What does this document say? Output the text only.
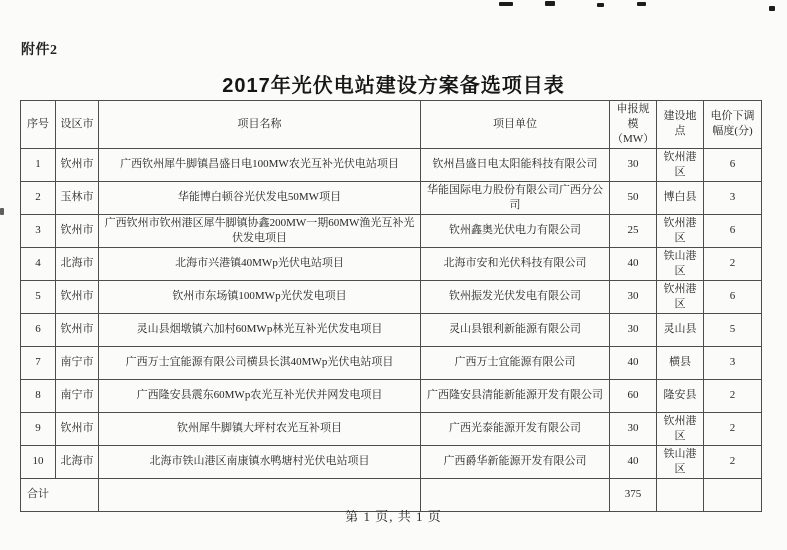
附件2
2017年光伏电站建设方案备选项目表
序号	设区市	项目名称	项目单位	申报规模（MW）	建设地点	电价下调幅度(分)
1	钦州市	广西钦州犀牛脚镇昌盛日电100MW农光互补光伏电站项目	钦州昌盛日电太阳能科技有限公司	30	钦州港区	6
2	玉林市	华能博白顿谷光伏发电50MW项目	华能国际电力股份有限公司广西分公司	50	博白县	3
3	钦州市	广西钦州市钦州港区犀牛脚镇协鑫200MW一期60MW渔光互补光伏发电项目	钦州鑫奥光伏电力有限公司	25	钦州港区	6
4	北海市	北海市兴港镇40MWp光伏电站项目	北海市安和光伏科技有限公司	40	铁山港区	2
5	钦州市	钦州市东场镇100MWp光伏发电项目	钦州振发光伏发电有限公司	30	钦州港区	6
6	钦州市	灵山县烟墩镇六加村60MWp林光互补光伏发电项目	灵山县银利新能源有限公司	30	灵山县	5
7	南宁市	广西万士宜能源有限公司横县长淇40MWp光伏电站项目	广西万士宜能源有限公司	40	横县	3
8	南宁市	广西隆安县震东60MWp农光互补光伏并网发电项目	广西隆安县清能新能源开发有限公司	60	隆安县	2
9	钦州市	钦州犀牛脚镇大坪村农光互补项目	广西光泰能源开发有限公司	30	钦州港区	2
10	北海市	北海市铁山港区南康镇水鸭塘村光伏电站项目	广西爵华新能源开发有限公司	40	铁山港区	2
合计				375		
第 1 页, 共 1 页
